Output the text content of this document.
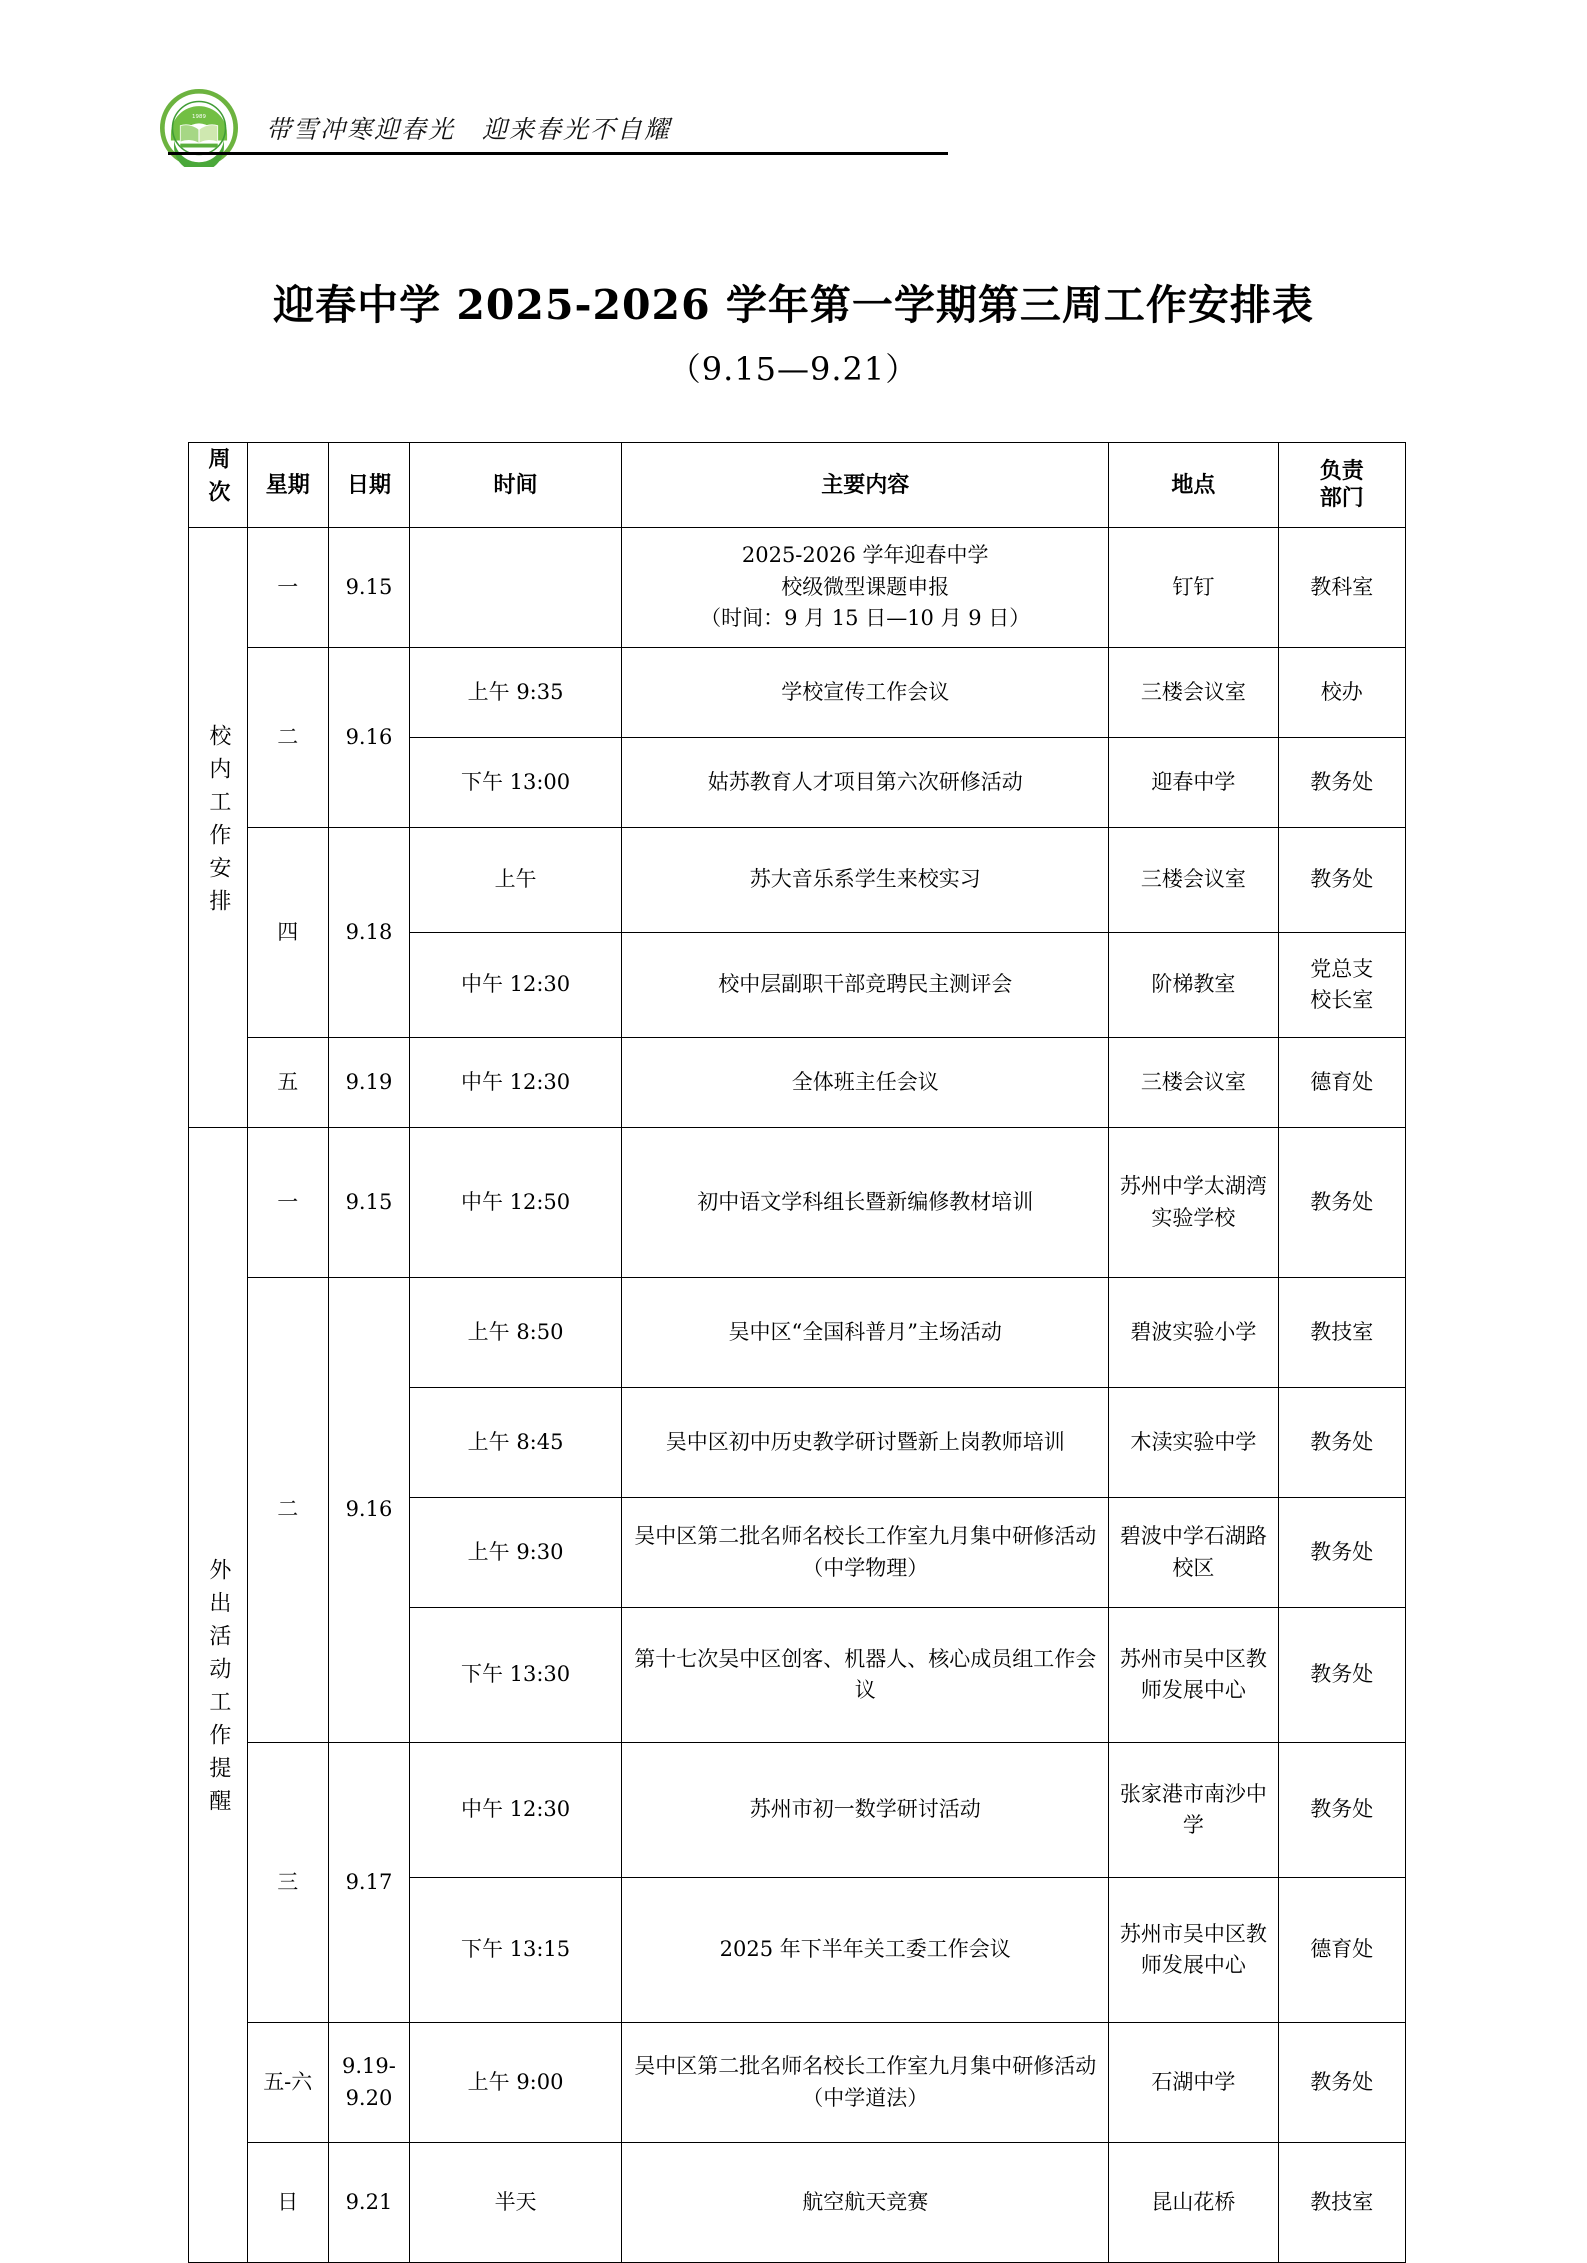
1989 带雪冲寒迎春光　迎来春光不自耀
迎春中学 2025-2026 学年第一学期第三周工作安排表
（9.15—9.21）
周次	星期	日期	时间	主要内容	地点	负责
部门

校内工作安排	一	9.15		2025-2026 学年迎春中学
校级微型课题申报
（时间：9 月 15 日—10 月 9 日）	钉钉	教科室
	二	9.16	上午 9:35	学校宣传工作会议	三楼会议室	校办
			下午 13:00	姑苏教育人才项目第六次研修活动	迎春中学	教务处
	四	9.18	上午	苏大音乐系学生来校实习	三楼会议室	教务处
			中午 12:30	校中层副职干部竞聘民主测评会	阶梯教室	党总支
校长室
	五	9.19	中午 12:30	全体班主任会议	三楼会议室	德育处
外出活动工作提醒	一	9.15	中午 12:50	初中语文学科组长暨新编修教材培训	苏州中学太湖湾实验学校	教务处
	二	9.16	上午 8:50	吴中区“全国科普月”主场活动	碧波实验小学	教技室
			上午 8:45	吴中区初中历史教学研讨暨新上岗教师培训	木渎实验中学	教务处
			上午 9:30	吴中区第二批名师名校长工作室九月集中研修活动（中学物理）	碧波中学石湖路校区	教务处
			下午 13:30	第十七次吴中区创客、机器人、核心成员组工作会议	苏州市吴中区教师发展中心	教务处
	三	9.17	中午 12:30	苏州市初一数学研讨活动	张家港市南沙中学	教务处
			下午 13:15	2025 年下半年关工委工作会议	苏州市吴中区教师发展中心	德育处
	五-六	9.19-9.20	上午 9:00	吴中区第二批名师名校长工作室九月集中研修活动（中学道法）	石湖中学	教务处
	日	9.21	半天	航空航天竞赛	昆山花桥	教技室
